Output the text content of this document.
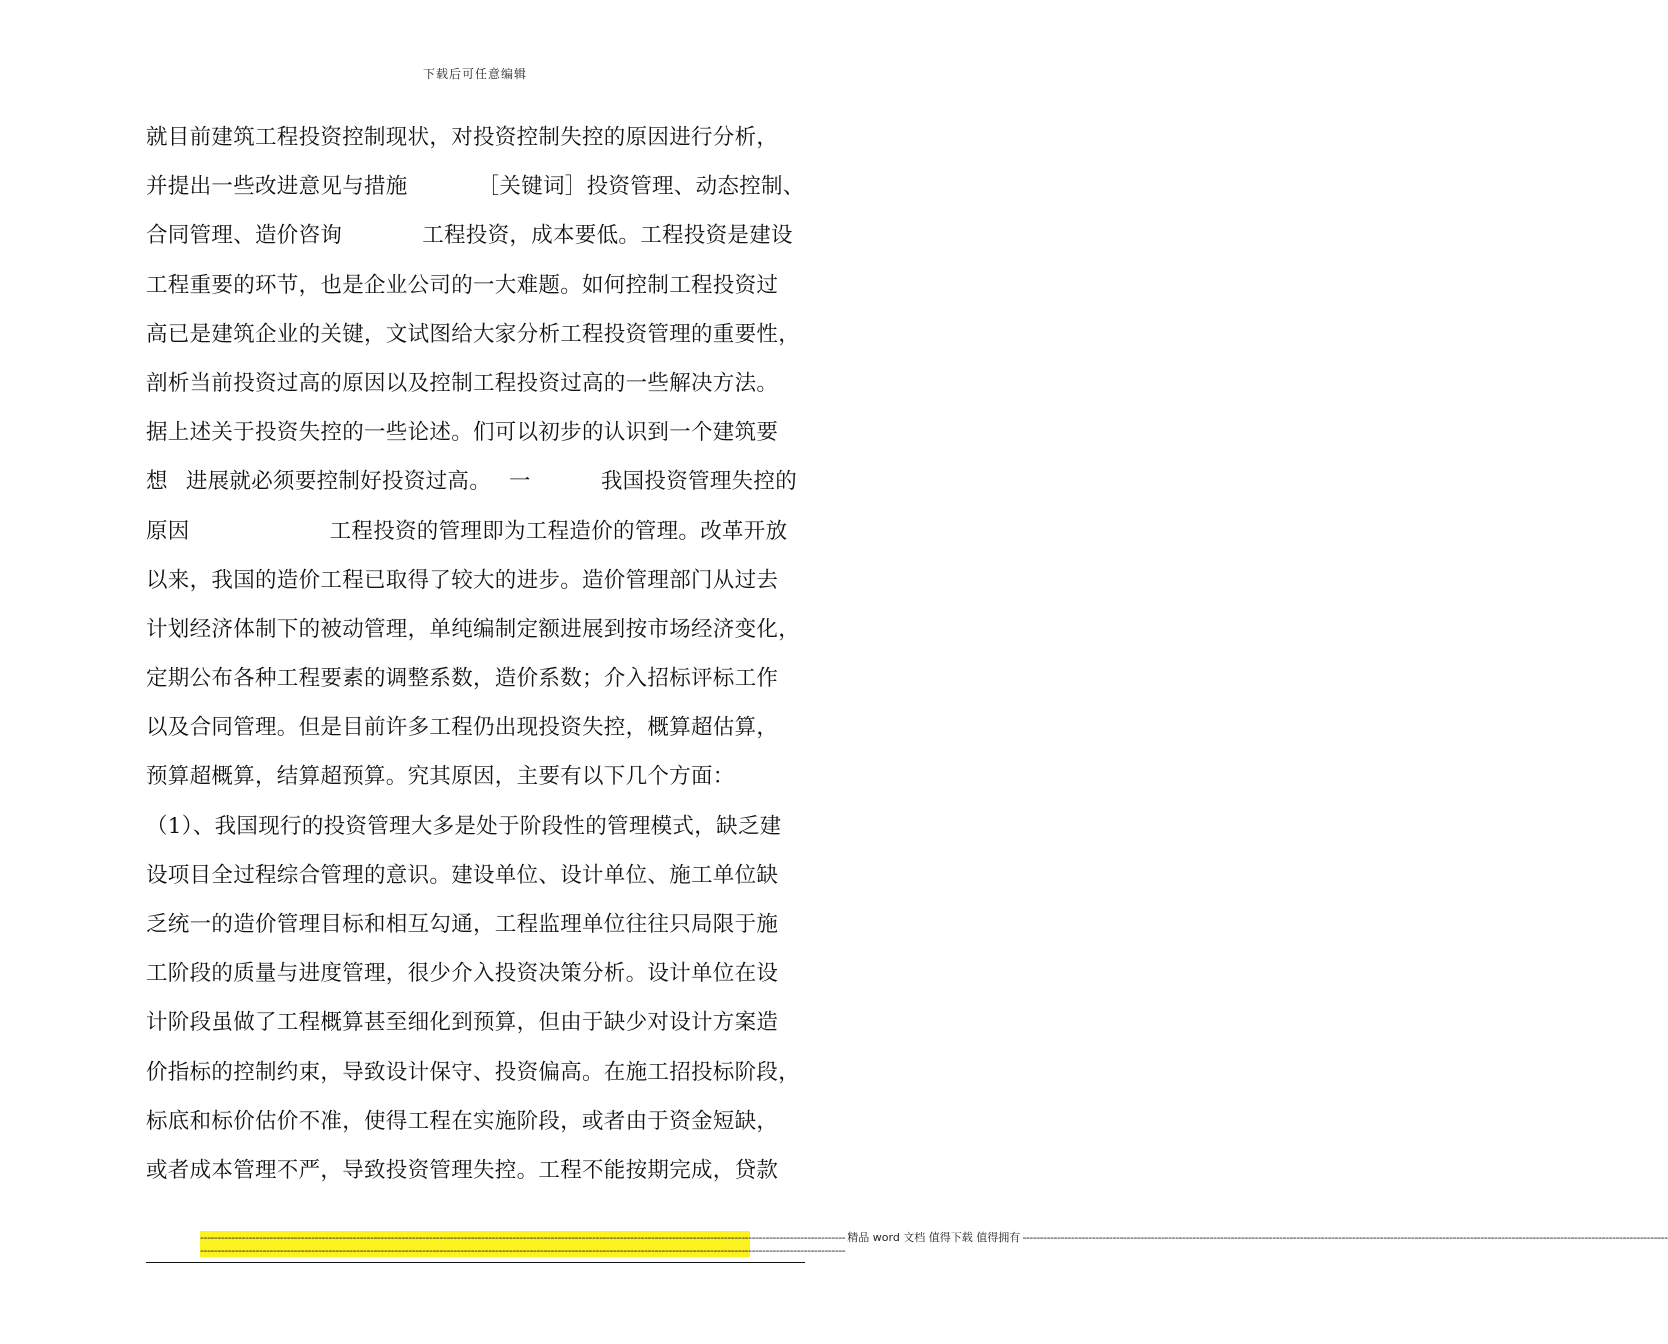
下载后可任意编辑
就目前建筑工程投资控制现状，对投资控制失控的原因进行分析，
并提出一些改进意见与措施	［关键词］投资管理、动态控制、
合同管理、造价咨询	工程投资，成本要低。工程投资是建设
工程重要的环节，也是企业公司的一大难题。如何控制工程投资过
高已是建筑企业的关键，文试图给大家分析工程投资管理的重要性，
剖析当前投资过高的原因以及控制工程投资过高的一些解决方法。
据上述关于投资失控的一些论述。们可以初步的认识到一个建筑要
想 进展就必须要控制好投资过高。 一	我国投资管理失控的
原因	工程投资的管理即为工程造价的管理。改革开放
以来，我国的造价工程已取得了较大的进步。造价管理部门从过去
计划经济体制下的被动管理，单纯编制定额进展到按市场经济变化，
定期公布各种工程要素的调整系数，造价系数；介入招标评标工作
以及合同管理。但是目前许多工程仍出现投资失控，概算超估算，
预算超概算，结算超预算。究其原因，主要有以下几个方面：
（1）、我国现行的投资管理大多是处于阶段性的管理模式，缺乏建
设项目全过程综合管理的意识。建设单位、设计单位、施工单位缺
乏统一的造价管理目标和相互勾通，工程监理单位往往只局限于施
工阶段的质量与进度管理，很少介入投资决策分析。设计单位在设
计阶段虽做了工程概算甚至细化到预算，但由于缺少对设计方案造
价指标的控制约束，导致设计保守、投资偏高。在施工招投标阶段，
标底和标价估价不准，使得工程在实施阶段，或者由于资金短缺，
或者成本管理不严，导致投资管理失控。工程不能按期完成，贷款
------------------------------------------------------------------------------------------------------------------------------------------------------------------------------------------ 精品 word 文档 值得下载 值得拥有 ------------------------------------------------------------------------------------------------------------------------------------------------------------------------------------------
------------------------------------------------------------------------------------------------------------------------------------------------------------------------------------------
